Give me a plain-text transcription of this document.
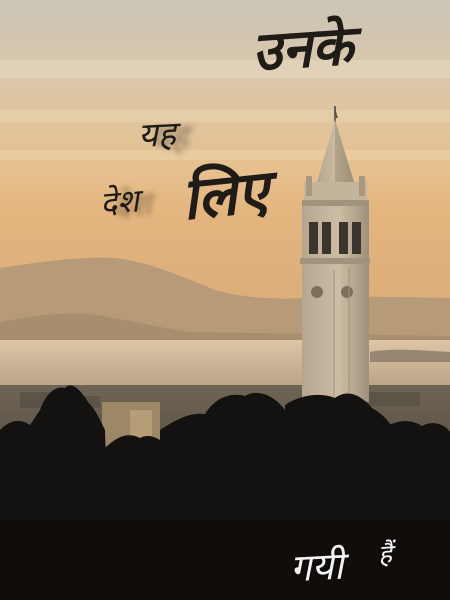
उनके
यह
देश लिए
गयी हैं
